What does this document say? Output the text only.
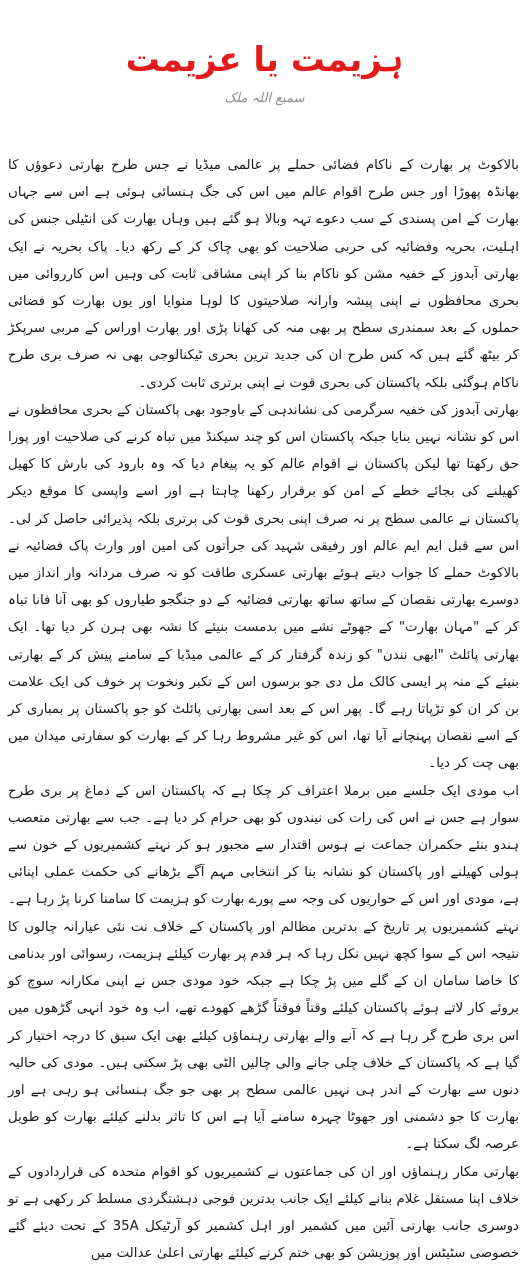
ہزیمت یا عزیمت
سمیع اللہ ملک

بالاکوٹ پر بھارت کے ناکام فضائی حملے پر عالمی میڈیا نے جس طرح بھارتی دعوؤں کا بھانڈہ پھوڑا اور جس طرح اقوام عالم میں اس کی جگ ہنسائی ہوئی ہے اس سے جہاں بھارت کے امن پسندی کے سب دعوے تہہ وبالا ہو گئے ہیں وہاں بھارت کی انٹیلی جنس کی اہلیت، بحریہ وفضائیہ کی حربی صلاحیت کو بھی چاک کر کے رکھ دیا۔ پاک بحریہ نے ایک بھارتی آبدوز کے خفیہ مشن کو ناکام بنا کر اپنی مشاقی ثابت کی وہیں اس کارروائی میں بحری محافظوں نے اپنی پیشہ وارانہ صلاحیتوں کا لوہا منوایا اور یوں بھارت کو فضائی حملوں کے بعد سمندری سطح پر بھی منہ کی کھانا پڑی اور بھارت اوراس کے مربی سرپکڑ کر بیٹھ گئے ہیں کہ کس طرح ان کی جدید ترین بحری ٹیکنالوجی بھی نہ صرف بری طرح ناکام ہوگئی بلکہ پاکستان کی بحری قوت نے اپنی برتری ثابت کردی۔

بھارتی آبدوز کی خفیہ سرگرمی کی نشاندہی کے باوجود بھی پاکستان کے بحری محافظوں نے اس کو نشانہ نہیں بنایا جبکہ پاکستان اس کو چند سیکنڈ میں تباہ کرنے کی صلاحیت اور پورا حق رکھتا تھا لیکن پاکستان نے اقوام عالم کو یہ پیغام دیا کہ وہ بارود کی بارش کا کھیل کھیلنے کی بجائے خطے کے امن کو برقرار رکھنا چاہتا ہے اور اسے واپسی کا موقع دیکر پاکستان نے عالمی سطح پر نہ صرف اپنی بحری قوت کی برتری بلکہ پذیرائی حاصل کر لی۔ اس سے قبل ایم ایم عالم اور رفیقی شہید کی جرأتوں کی امین اور وارث پاک فضائیہ نے بالاکوٹ حملے کا جواب دیتے ہوئے بھارتی عسکری طاقت کو نہ صرف مردانہ وار انداز میں دوسرے بھارتی نقصان کے ساتھ ساتھ بھارتی فضائیہ کے دو جنگجو طیاروں کو بھی آنا فانا تباہ کر کے "مہان بھارت" کے جھوٹے نشے میں بدمست بنیئے کا نشہ بھی ہرن کر دیا تھا۔ ایک بھارتی پائلٹ "ابھی نندن" کو زندہ گرفتار کر کے عالمی میڈیا کے سامنے پیش کر کے بھارتی بنیئے کے منہ پر ایسی کالک مل دی جو برسوں اس کے تکبر ونخوت پر خوف کی ایک علامت بن کر ان کو تڑپاتا رہے گا۔ پھر اس کے بعد اسی بھارتی پائلٹ کو جو پاکستان پر بمباری کر کے اسے نقصان پہنچانے آیا تھا، اس کو غیر مشروط رہا کر کے بھارت کو سفارتی میدان میں بھی چت کر دیا۔

اب مودی ایک جلسے میں برملا اعتراف کر چکا ہے کہ پاکستان اس کے دماغ پر بری طرح سوار ہے جس نے اس کی رات کی نیندوں کو بھی حرام کر دیا ہے۔ جب سے بھارتی متعصب ہندو بنئے حکمران جماعت نے ہوس اقتدار سے مجبور ہو کر نہتے کشمیریوں کے خون سے ہولی کھیلنے اور پاکستان کو نشانہ بنا کر انتخابی مہم آگے بڑھانے کی حکمت عملی اپنائی ہے، مودی اور اس کے حواریوں کی وجہ سے پورے بھارت کو ہزیمت کا سامنا کرنا پڑ رہا ہے۔ نہتے کشمیریوں پر تاریخ کے بدترین مظالم اور پاکستان کے خلاف نت نئی عیارانہ چالوں کا نتیجہ اس کے سوا کچھ نہیں نکل رہا کہ ہر قدم پر بھارت کیلئے ہزیمت، رسوائی اور بدنامی کا خاصا سامان ان کے گلے میں پڑ چکا ہے جبکہ خود مودی جس نے اپنی مکارانہ سوچ کو بروئے کار لاتے ہوئے پاکستان کیلئے وقتاً فوقتاً گڑھے کھودے تھے، اب وہ خود انہی گڑھوں میں اس بری طرح گر رہا ہے کہ آنے والے بھارتی رہنماؤں کیلئے بھی ایک سبق کا درجہ اختیار کر گیا ہے کہ پاکستان کے خلاف چلی جانے والی چالیں الٹی بھی پڑ سکتی ہیں۔ مودی کی حالیہ دنوں سے بھارت کے اندر ہی نہیں عالمی سطح پر بھی جو جگ ہنسائی ہو رہی ہے اور بھارت کا جو دشمنی اور جھوٹا چہرہ سامنے آیا ہے اس کا تاثر بدلنے کیلئے بھارت کو طویل عرصہ لگ سکتا ہے۔

بھارتی مکار رہنماؤں اور ان کی جماعتوں نے کشمیریوں کو اقوام متحدہ کی قراردادوں کے خلاف اپنا مستقل غلام بنانے کیلئے ایک جانب بدترین فوجی دہشتگردی مسلط کر رکھی ہے تو دوسری جانب بھارتی آئین میں کشمیر اور اہل کشمیر کو آرٹیکل 35A کے تحت دیئے گئے خصوصی سٹیٹس اور پوزیشن کو بھی ختم کرنے کیلئے بھارتی اعلیٰ عدالت میں
